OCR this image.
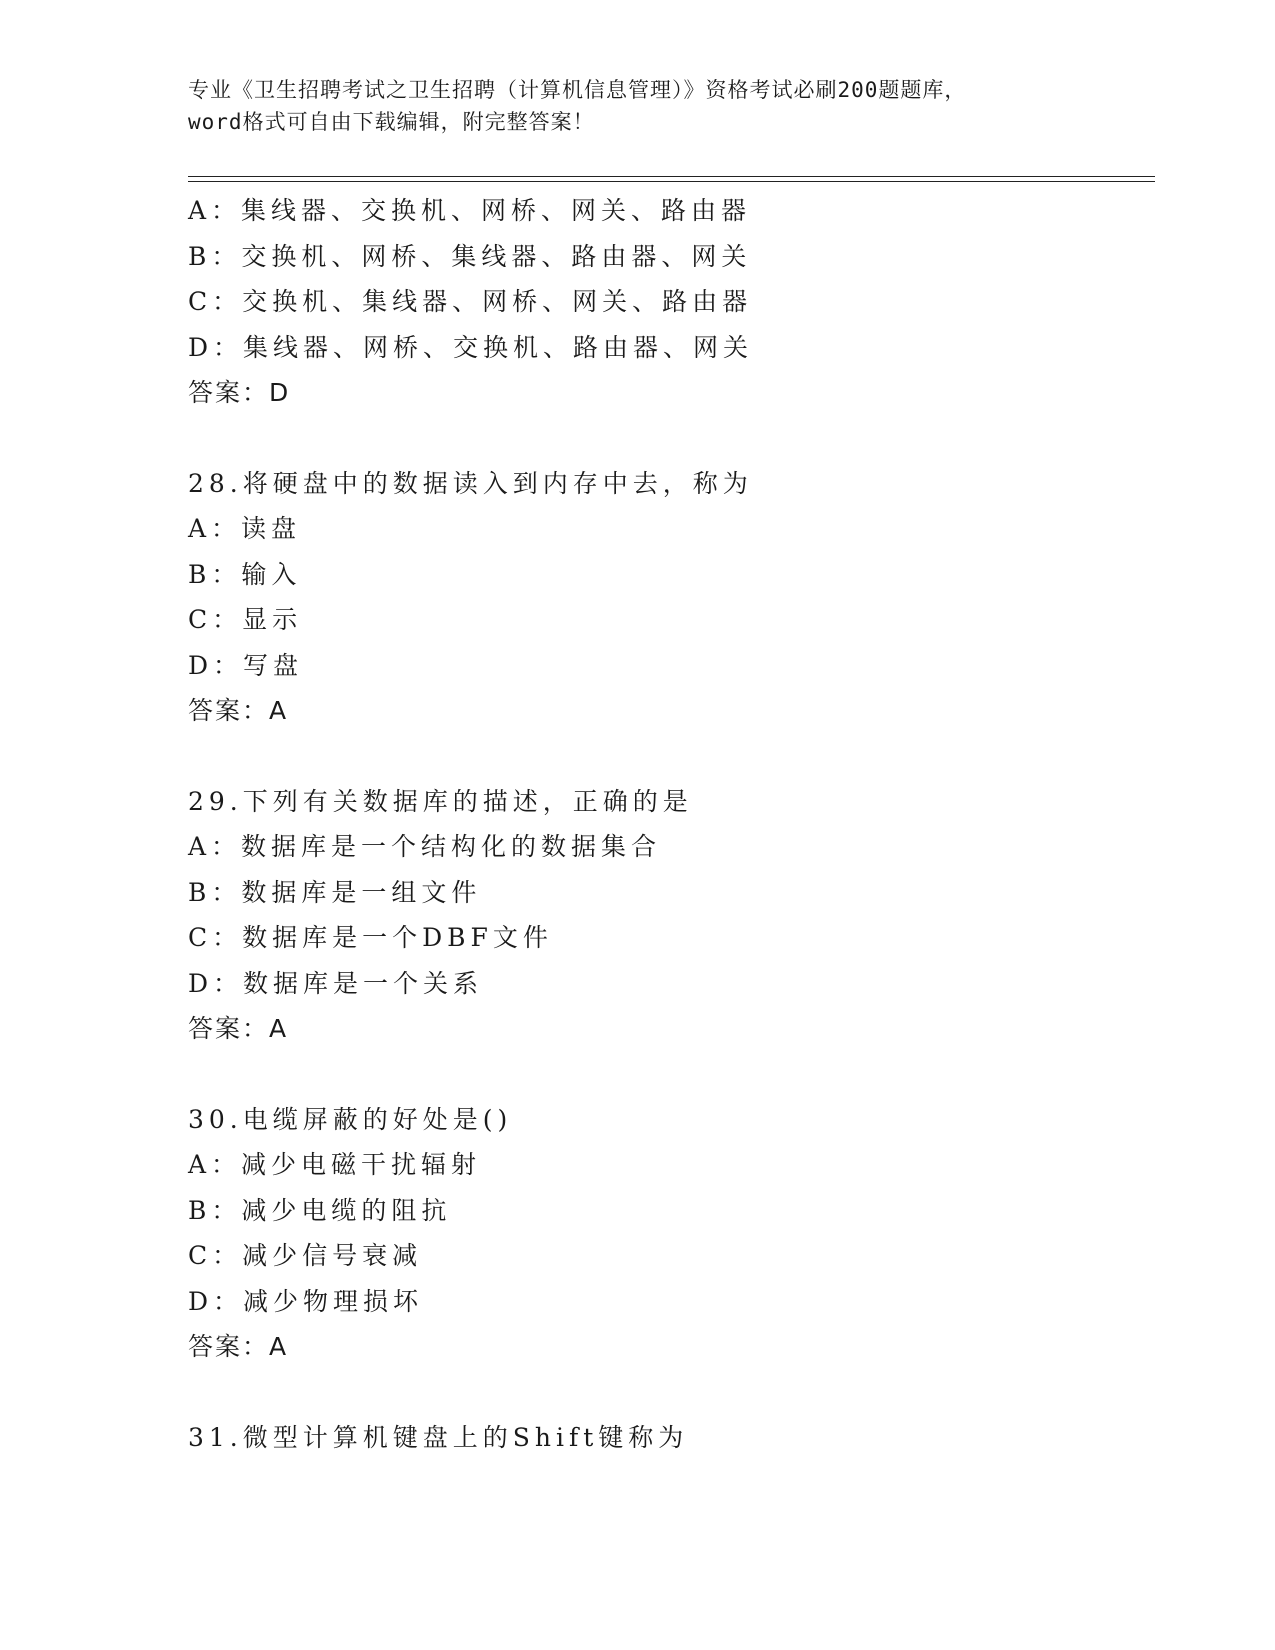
专业《卫生招聘考试之卫生招聘（计算机信息管理）》资格考试必刷200题题库，
word格式可自由下载编辑，附完整答案！
A：集线器、交换机、网桥、网关、路由器
B：交换机、网桥、集线器、路由器、网关
C：交换机、集线器、网桥、网关、路由器
D：集线器、网桥、交换机、路由器、网关
答案：D
28.将硬盘中的数据读入到内存中去，称为
A：读盘
B：输入
C：显示
D：写盘
答案：A
29.下列有关数据库的描述，正确的是
A：数据库是一个结构化的数据集合
B：数据库是一组文件
C：数据库是一个DBF文件
D：数据库是一个关系
答案：A
30.电缆屏蔽的好处是()
A：减少电磁干扰辐射
B：减少电缆的阻抗
C：减少信号衰减
D：减少物理损坏
答案：A
31.微型计算机键盘上的Shift键称为
